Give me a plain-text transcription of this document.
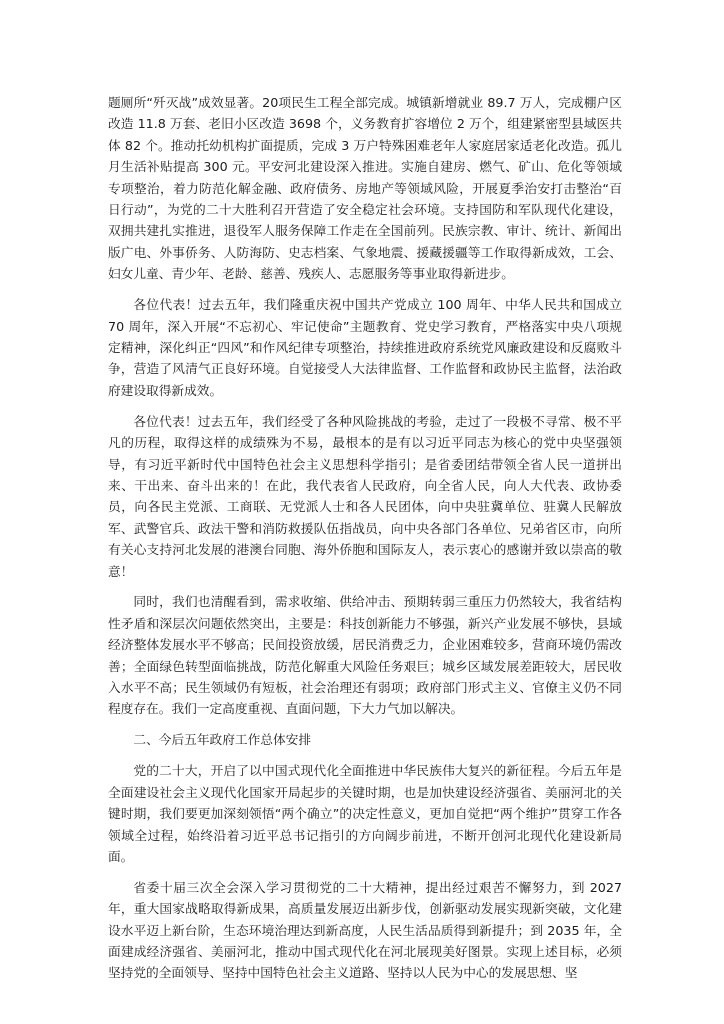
题厕所“歼灭战”成效显著。20项民生工程全部完成。城镇新增就业 89.7 万人，完成棚户区改造 11.8 万套、老旧小区改造 3698 个，义务教育扩容增位 2 万个，组建紧密型县域医共体 82 个。推动托幼机构扩面提质，完成 3 万户特殊困难老年人家庭居家适老化改造。孤儿月生活补贴提高 300 元。平安河北建设深入推进。实施自建房、燃气、矿山、危化等领域专项整治，着力防范化解金融、政府债务、房地产等领域风险，开展夏季治安打击整治“百日行动”，为党的二十大胜利召开营造了安全稳定社会环境。支持国防和军队现代化建设，双拥共建扎实推进，退役军人服务保障工作走在全国前列。民族宗教、审计、统计、新闻出版广电、外事侨务、人防海防、史志档案、气象地震、援藏援疆等工作取得新成效，工会、妇女儿童、青少年、老龄、慈善、残疾人、志愿服务等事业取得新进步。

各位代表！过去五年，我们隆重庆祝中国共产党成立 100 周年、中华人民共和国成立 70 周年，深入开展“不忘初心、牢记使命”主题教育、党史学习教育，严格落实中央八项规定精神，深化纠正“四风”和作风纪律专项整治，持续推进政府系统党风廉政建设和反腐败斗争，营造了风清气正良好环境。自觉接受人大法律监督、工作监督和政协民主监督，法治政府建设取得新成效。

各位代表！过去五年，我们经受了各种风险挑战的考验，走过了一段极不寻常、极不平凡的历程，取得这样的成绩殊为不易，最根本的是有以习近平同志为核心的党中央坚强领导，有习近平新时代中国特色社会主义思想科学指引；是省委团结带领全省人民一道拼出来、干出来、奋斗出来的！在此，我代表省人民政府，向全省人民，向人大代表、政协委员，向各民主党派、工商联、无党派人士和各人民团体，向中央驻冀单位、驻冀人民解放军、武警官兵、政法干警和消防救援队伍指战员，向中央各部门各单位、兄弟省区市，向所有关心支持河北发展的港澳台同胞、海外侨胞和国际友人，表示衷心的感谢并致以崇高的敬意！

同时，我们也清醒看到，需求收缩、供给冲击、预期转弱三重压力仍然较大，我省结构性矛盾和深层次问题依然突出，主要是：科技创新能力不够强，新兴产业发展不够快，县域经济整体发展水平不够高；民间投资放缓，居民消费乏力，企业困难较多，营商环境仍需改善；全面绿色转型面临挑战，防范化解重大风险任务艰巨；城乡区域发展差距较大，居民收入水平不高；民生领域仍有短板，社会治理还有弱项；政府部门形式主义、官僚主义仍不同程度存在。我们一定高度重视、直面问题，下大力气加以解决。

二、今后五年政府工作总体安排

党的二十大，开启了以中国式现代化全面推进中华民族伟大复兴的新征程。今后五年是全面建设社会主义现代化国家开局起步的关键时期，也是加快建设经济强省、美丽河北的关键时期，我们要更加深刻领悟“两个确立”的决定性意义，更加自觉把“两个维护”贯穿工作各领域全过程，始终沿着习近平总书记指引的方向阔步前进，不断开创河北现代化建设新局面。

省委十届三次全会深入学习贯彻党的二十大精神，提出经过艰苦不懈努力，到 2027 年，重大国家战略取得新成果，高质量发展迈出新步伐，创新驱动发展实现新突破，文化建设水平迈上新台阶，生态环境治理达到新高度，人民生活品质得到新提升；到 2035 年，全面建成经济强省、美丽河北，推动中国式现代化在河北展现美好图景。实现上述目标，必须坚持党的全面领导、坚持中国特色社会主义道路、坚持以人民为中心的发展思想、坚
